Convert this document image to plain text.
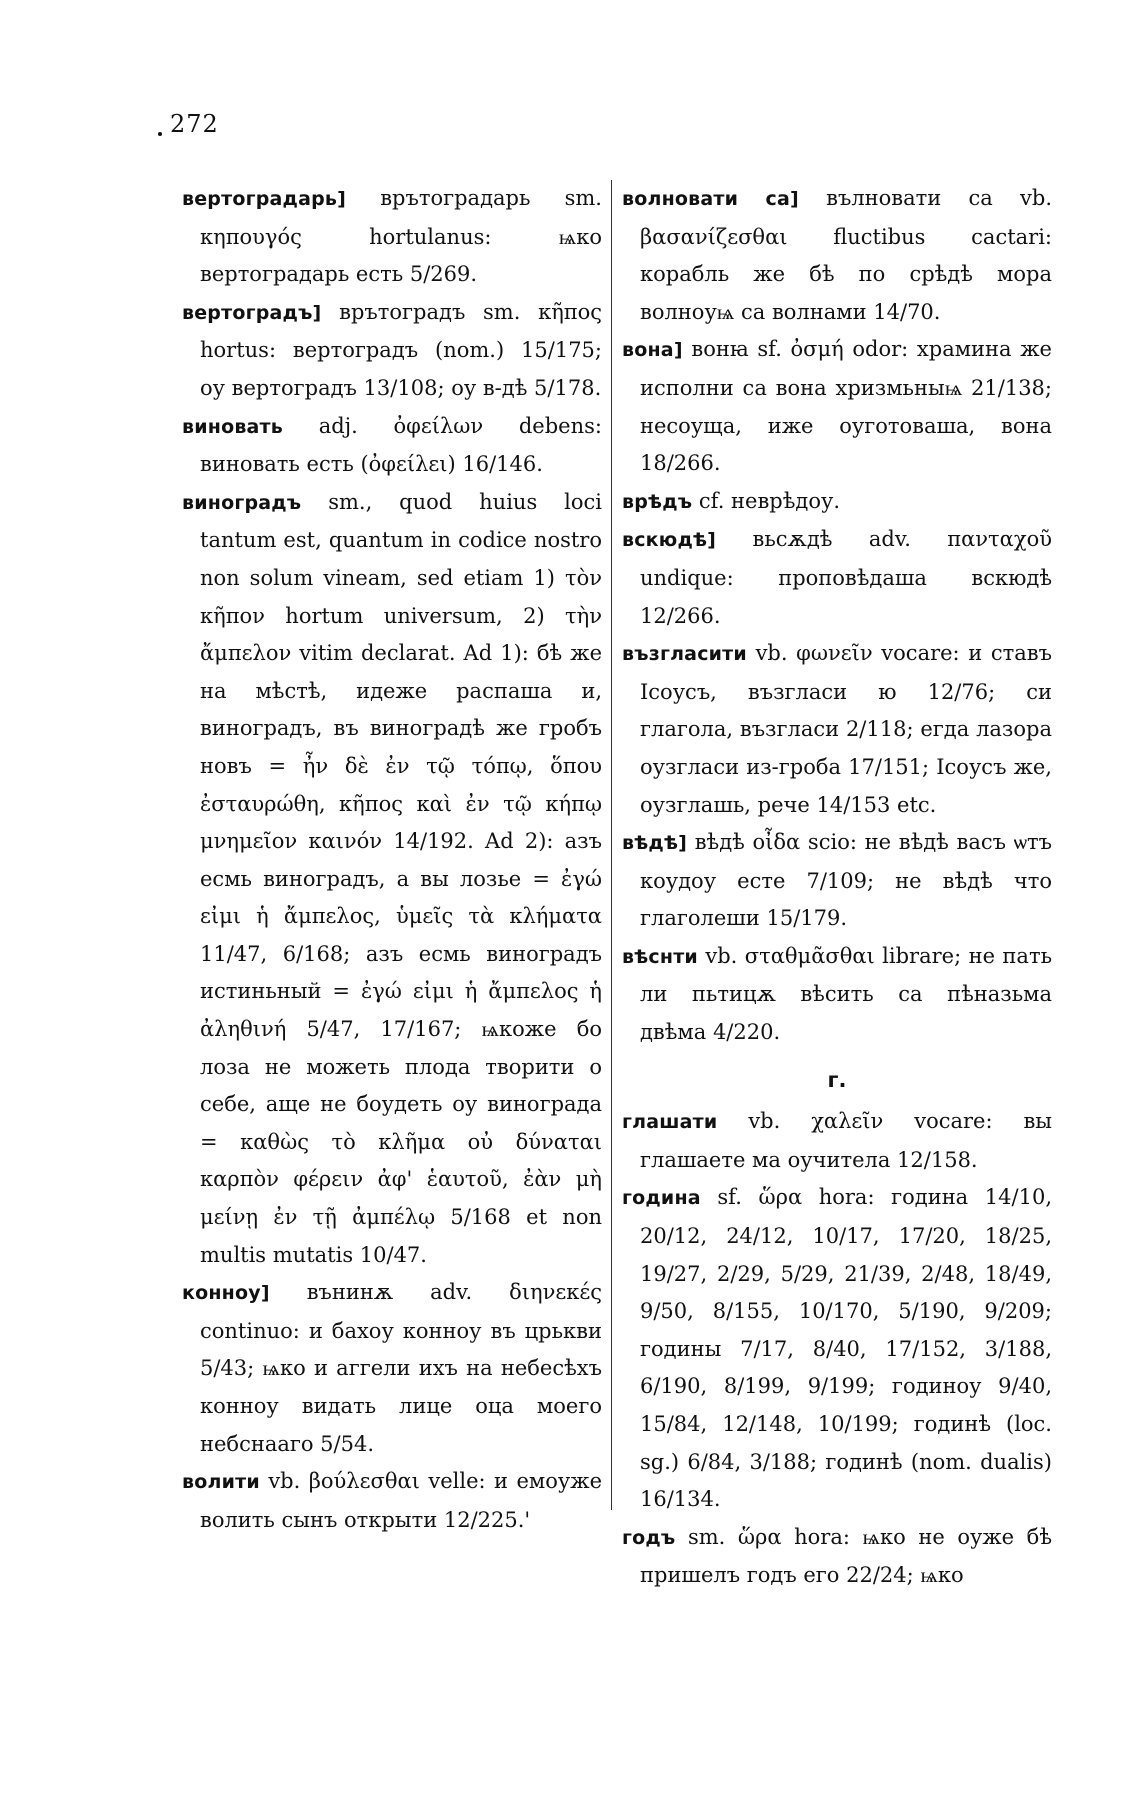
272
вертоградарь] врътоградарь sm. κηπουγός hortulanus: ѩко вертоградарь есть 5/269.
вертоградъ] врътоградъ sm. κῆπος hortus: вертоградъ (nom.) 15/175; оу вертоградъ 13/108; оу в-дѣ 5/178.
виновать adj. ὀφείλων debens: виновать есть (ὀφείλει) 16/146.
виноградъ sm., quod huius loci tantum est, quantum in codice nostro non solum vineam, sed etiam 1) τὸν κῆπον hortum universum, 2) τὴν ἄμπελον vitim declarat. Ad 1): бѣ же на мѣстѣ, идеже распаша и, виноградъ, въ виноградѣ же гробъ новъ = ἦν δὲ ἐν τῷ τόπῳ, ὅπου ἐσταυρώθη, κῆπος καὶ ἐν τῷ κήπῳ μνημεῖον καινόν 14/192. Ad 2): азъ есмь виноградъ, а вы лозье = ἐγώ εἰμι ἡ ἄμπελος, ὑμεῖς τὰ κλήματα 11/47, 6/168; азъ есмь виноградъ истиньный = ἐγώ εἰμι ἡ ἄμπελος ἡ ἀληθινή 5/47, 17/167; ѩкоже бо лоза не можеть плода творити о себе, аще не боудеть оу винограда = καθὼς τὸ κλῆμα οὐ δύναται καρπὸν φέρειν ἀφ' ἑαυτοῦ, ἐὰν μὴ μείνῃ ἐν τῇ ἀμπέλῳ 5/168 et non multis mutatis 10/47.
конноу] вънинѫ adv. διηνεκές continuo: и бахоу конноу въ црькви 5/43; ѩко и аггели ихъ на небесѣхъ конноу видать лице оца моего небснааго 5/54.
волити vb. βούλεσθαι velle: и емоуже волить сынъ открыти 12/225.'
волновати са] вълновати са vb. βασανίζεσθαι fluctibus cactari: корабль же бѣ по срѣдѣ мора волноуѩ са волнами 14/70.
вона] вонꙗ sf. ὀσμή odor: храмина же исполни са вона хризмьныѩ 21/138; несоуща, иже оуготоваша, вона 18/266.
врѣдъ cf. неврѣдоу.
вскюдѣ] вьсѫдѣ adv. πανταχοῦ undique: проповѣдаша вскюдѣ 12/266.
възгласити vb. φωνεῖν vocare: и ставъ Ісоусъ, възгласи ю 12/76; си глагола, възгласи 2/118; егда лазора оузгласи из-гроба 17/151; Ісоусъ же, оузглашь, рече 14/153 etc.
вѣдѣ] вѣдѣ οἶδα scio: не вѣдѣ васъ ѡтъ коудоу есте 7/109; не вѣдѣ что глаголеши 15/179.
вѣснти vb. σταθμᾶσθαι librare; не пать ли пьтицѫ вѣсить са пѣназьма двѣма 4/220.
г.
глашати vb. χαλεῖν vocare: вы глашаете ма оучитела 12/158.
година sf. ὥρα hora: година 14/10, 20/12, 24/12, 10/17, 17/20, 18/25, 19/27, 2/29, 5/29, 21/39, 2/48, 18/49, 9/50, 8/155, 10/170, 5/190, 9/209; годины 7/17, 8/40, 17/152, 3/188, 6/190, 8/199, 9/199; годиноу 9/40, 15/84, 12/148, 10/199; годинѣ (loc. sg.) 6/84, 3/188; годинѣ (nom. dualis) 16/134.
годъ sm. ὥρα hora: ѩко не оуже бѣ пришелъ годъ его 22/24; ѩко
